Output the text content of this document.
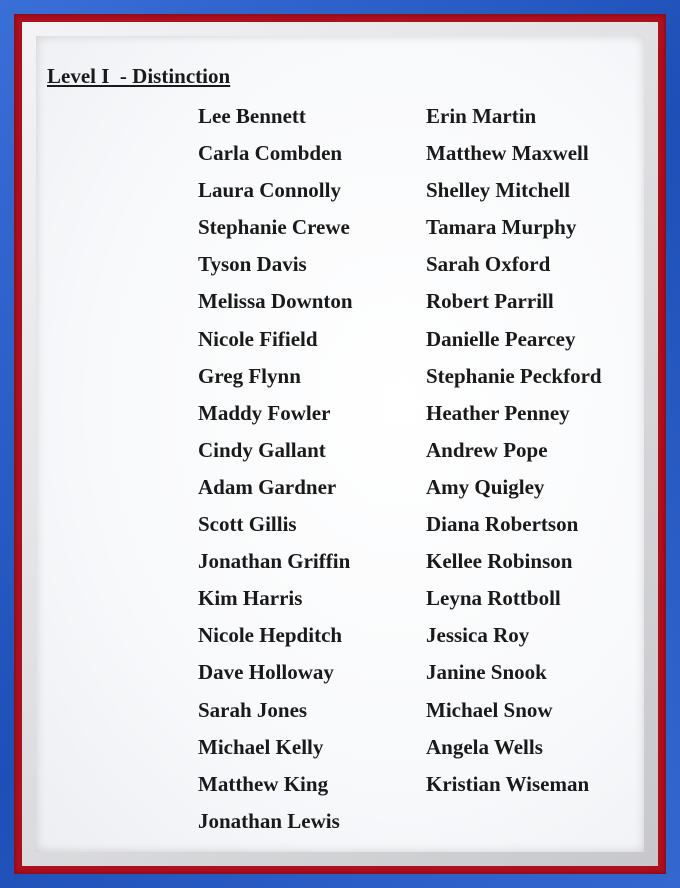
Level I  - Distinction
Lee Bennett
Carla Combden
Laura Connolly
Stephanie Crewe
Tyson Davis
Melissa Downton
Nicole Fifield
Greg Flynn
Maddy Fowler
Cindy Gallant
Adam Gardner
Scott Gillis
Jonathan Griffin
Kim Harris
Nicole Hepditch
Dave Holloway
Sarah Jones
Michael Kelly
Matthew King
Jonathan Lewis
Erin Martin
Matthew Maxwell
Shelley Mitchell
Tamara Murphy
Sarah Oxford
Robert Parrill
Danielle Pearcey
Stephanie Peckford
Heather Penney
Andrew Pope
Amy Quigley
Diana Robertson
Kellee Robinson
Leyna Rottboll
Jessica Roy
Janine Snook
Michael Snow
Angela Wells
Kristian Wiseman
